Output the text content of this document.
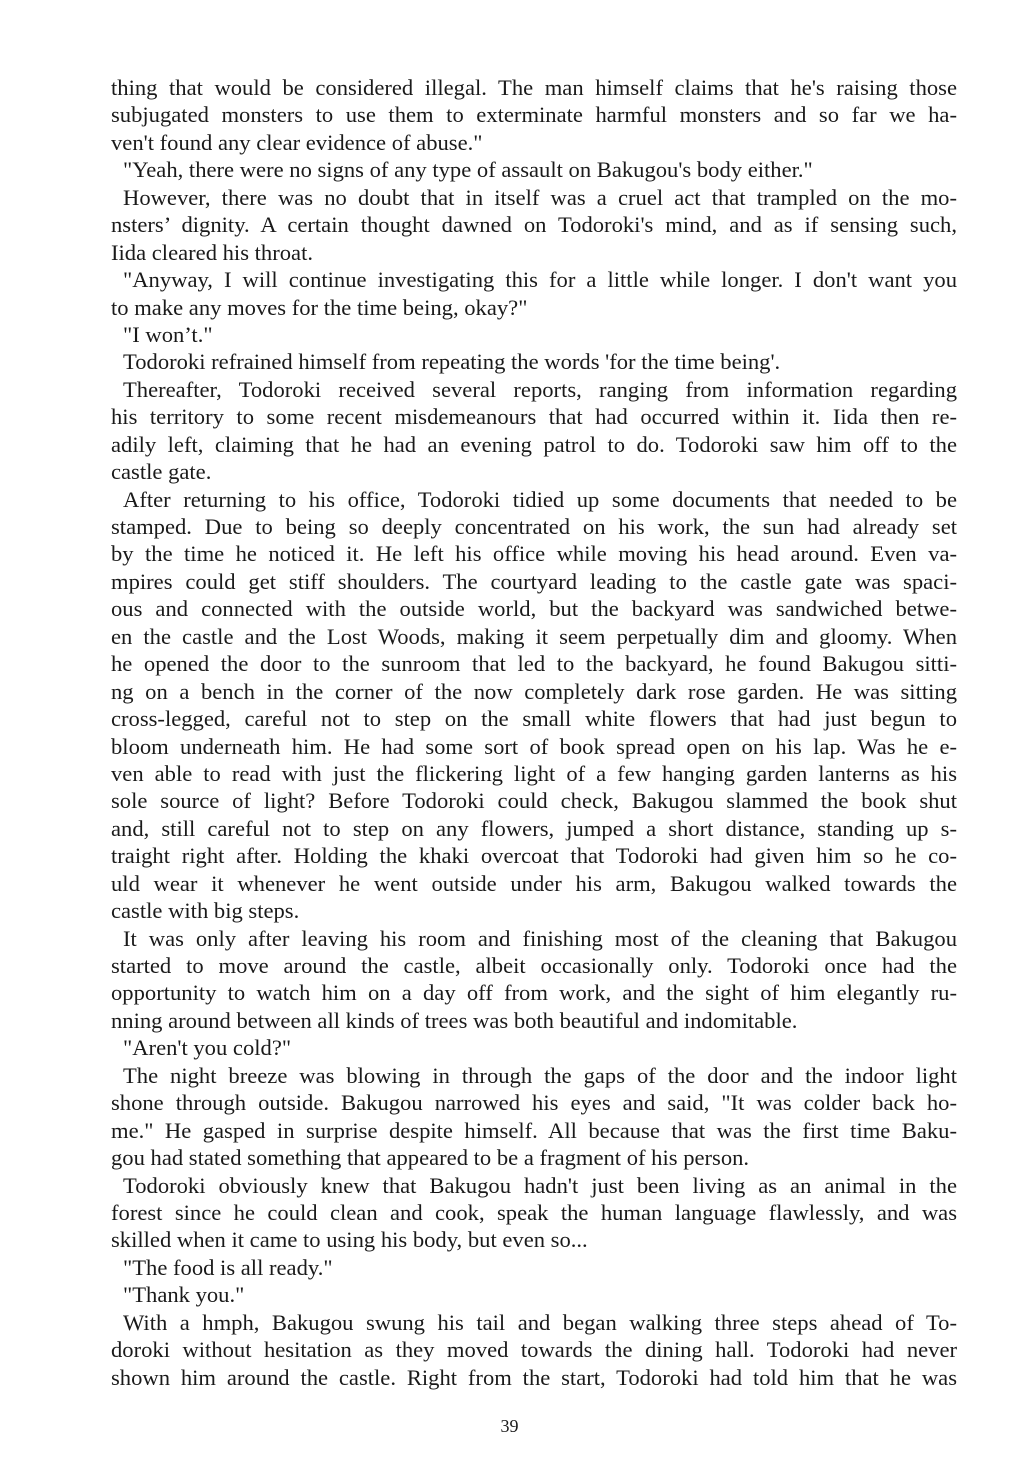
thing that would be considered illegal. The man himself claims that he's raising those
subjugated monsters to use them to exterminate harmful monsters and so far we ha-
ven't found any clear evidence of abuse."
"Yeah, there were no signs of any type of assault on Bakugou's body either."
However, there was no doubt that in itself was a cruel act that trampled on the mo-
nsters’ dignity. A certain thought dawned on Todoroki's mind, and as if sensing such,
Iida cleared his throat.
"Anyway, I will continue investigating this for a little while longer. I don't want you
to make any moves for the time being, okay?"
"I won’t."
Todoroki refrained himself from repeating the words 'for the time being'.
Thereafter, Todoroki received several reports, ranging from information regarding
his territory to some recent misdemeanours that had occurred within it. Iida then re-
adily left, claiming that he had an evening patrol to do. Todoroki saw him off to the
castle gate.
After returning to his office, Todoroki tidied up some documents that needed to be
stamped. Due to being so deeply concentrated on his work, the sun had already set
by the time he noticed it. He left his office while moving his head around. Even va-
mpires could get stiff shoulders. The courtyard leading to the castle gate was spaci-
ous and connected with the outside world, but the backyard was sandwiched betwe-
en the castle and the Lost Woods, making it seem perpetually dim and gloomy. When
he opened the door to the sunroom that led to the backyard, he found Bakugou sitti-
ng on a bench in the corner of the now completely dark rose garden. He was sitting
cross-legged, careful not to step on the small white flowers that had just begun to
bloom underneath him. He had some sort of book spread open on his lap. Was he e-
ven able to read with just the flickering light of a few hanging garden lanterns as his
sole source of light? Before Todoroki could check, Bakugou slammed the book shut
and, still careful not to step on any flowers, jumped a short distance, standing up s-
traight right after. Holding the khaki overcoat that Todoroki had given him so he co-
uld wear it whenever he went outside under his arm, Bakugou walked towards the
castle with big steps.
It was only after leaving his room and finishing most of the cleaning that Bakugou
started to move around the castle, albeit occasionally only. Todoroki once had the
opportunity to watch him on a day off from work, and the sight of him elegantly ru-
nning around between all kinds of trees was both beautiful and indomitable.
"Aren't you cold?"
The night breeze was blowing in through the gaps of the door and the indoor light
shone through outside. Bakugou narrowed his eyes and said, "It was colder back ho-
me." He gasped in surprise despite himself. All because that was the first time Baku-
gou had stated something that appeared to be a fragment of his person.
Todoroki obviously knew that Bakugou hadn't just been living as an animal in the
forest since he could clean and cook, speak the human language flawlessly, and was
skilled when it came to using his body, but even so...
"The food is all ready."
"Thank you."
With a hmph, Bakugou swung his tail and began walking three steps ahead of To-
doroki without hesitation as they moved towards the dining hall. Todoroki had never
shown him around the castle. Right from the start, Todoroki had told him that he was
39
